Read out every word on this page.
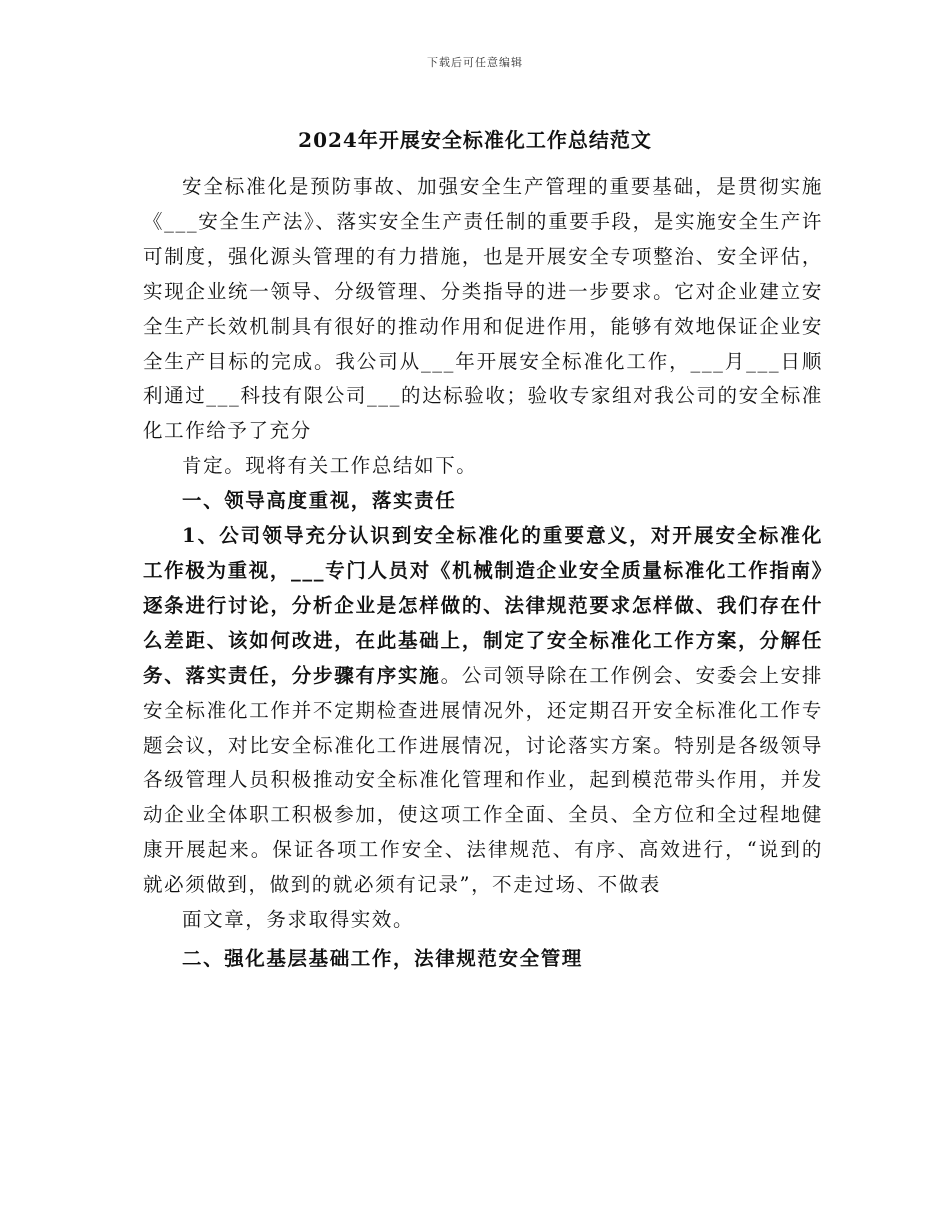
下载后可任意编辑
2024年开展安全标准化工作总结范文

安全标准化是预防事故、加强安全生产管理的重要基础，是贯彻实施《___安全生产法》、落实安全生产责任制的重要手段，是实施安全生产许可制度，强化源头管理的有力措施，也是开展安全专项整治、安全评估，实现企业统一领导、分级管理、分类指导的进一步要求。它对企业建立安全生产长效机制具有很好的推动作用和促进作用，能够有效地保证企业安全生产目标的完成。我公司从___年开展安全标准化工作，___月___日顺利通过___科技有限公司___的达标验收；验收专家组对我公司的安全标准化工作给予了充分

肯定。现将有关工作总结如下。

一、领导高度重视，落实责任

1、公司领导充分认识到安全标准化的重要意义，对开展安全标准化工作极为重视，___专门人员对《机械制造企业安全质量标准化工作指南》逐条进行讨论，分析企业是怎样做的、法律规范要求怎样做、我们存在什么差距、该如何改进，在此基础上，制定了安全标准化工作方案，分解任务、落实责任，分步骤有序实施。公司领导除在工作例会、安委会上安排安全标准化工作并不定期检查进展情况外，还定期召开安全标准化工作专题会议，对比安全标准化工作进展情况，讨论落实方案。特别是各级领导各级管理人员积极推动安全标准化管理和作业，起到模范带头作用，并发动企业全体职工积极参加，使这项工作全面、全员、全方位和全过程地健康开展起来。保证各项工作安全、法律规范、有序、高效进行，“说到的就必须做到，做到的就必须有记录”，不走过场、不做表

面文章，务求取得实效。

二、强化基层基础工作，法律规范安全管理
